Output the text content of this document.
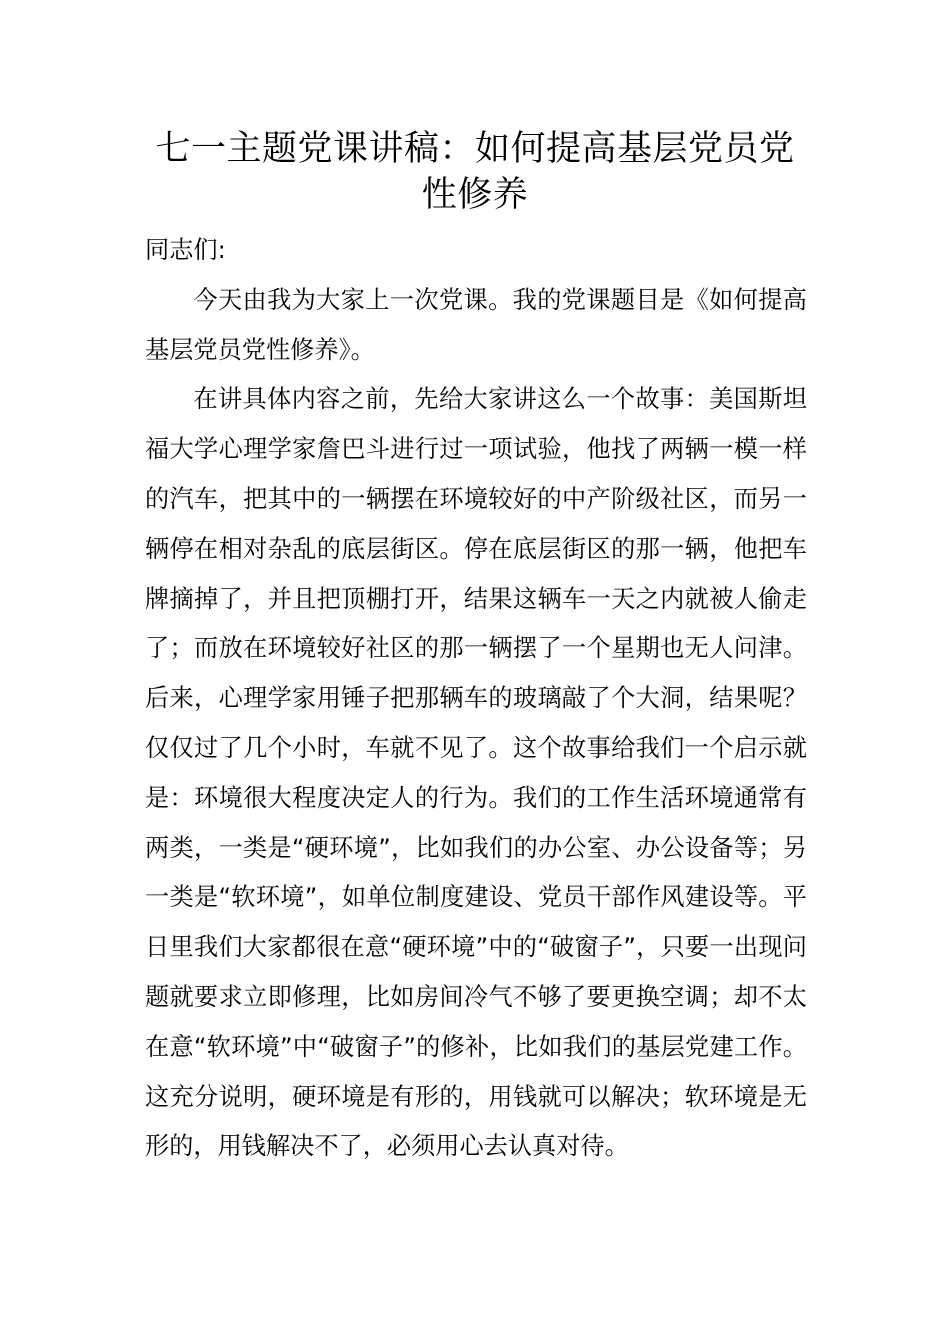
七一主题党课讲稿：如何提高基层党员党性修养

同志们:

今天由我为大家上一次党课。我的党课题目是《如何提高基层党员党性修养》。

在讲具体内容之前，先给大家讲这么一个故事：美国斯坦福大学心理学家詹巴斗进行过一项试验，他找了两辆一模一样的汽车，把其中的一辆摆在环境较好的中产阶级社区，而另一辆停在相对杂乱的底层街区。停在底层街区的那一辆，他把车牌摘掉了，并且把顶棚打开，结果这辆车一天之内就被人偷走了；而放在环境较好社区的那一辆摆了一个星期也无人问津。后来，心理学家用锤子把那辆车的玻璃敲了个大洞，结果呢？仅仅过了几个小时，车就不见了。这个故事给我们一个启示就是：环境很大程度决定人的行为。我们的工作生活环境通常有两类，一类是“硬环境”，比如我们的办公室、办公设备等；另一类是“软环境”，如单位制度建设、党员干部作风建设等。平日里我们大家都很在意“硬环境”中的“破窗子”，只要一出现问题就要求立即修理，比如房间冷气不够了要更换空调；却不太在意“软环境”中“破窗子”的修补，比如我们的基层党建工作。这充分说明，硬环境是有形的，用钱就可以解决；软环境是无形的，用钱解决不了，必须用心去认真对待。
